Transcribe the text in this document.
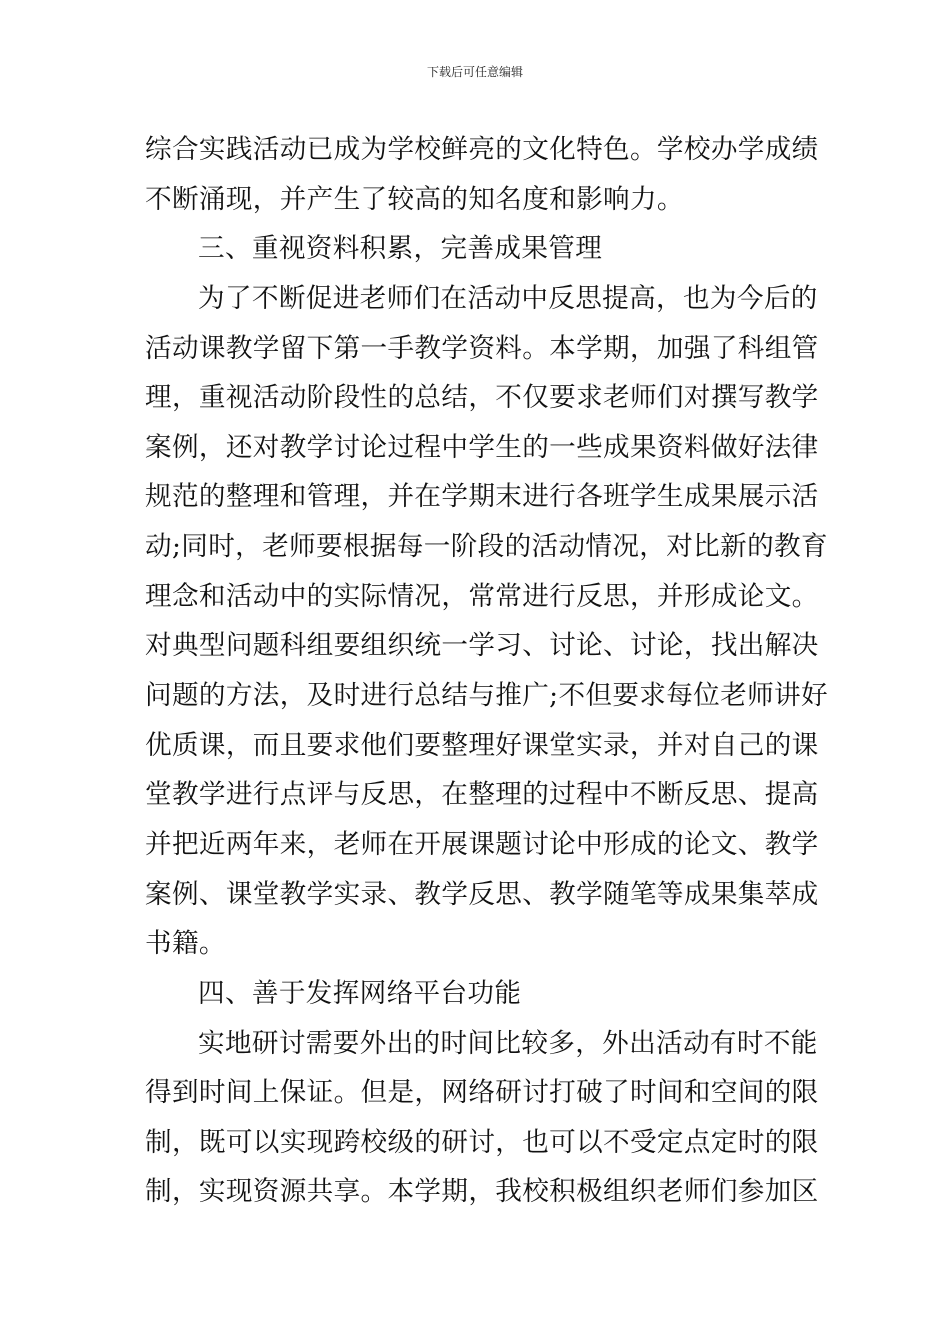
下载后可任意编辑
综合实践活动已成为学校鲜亮的文化特色。学校办学成绩
不断涌现，并产生了较高的知名度和影响力。
三、重视资料积累，完善成果管理
为了不断促进老师们在活动中反思提高，也为今后的
活动课教学留下第一手教学资料。本学期，加强了科组管
理，重视活动阶段性的总结，不仅要求老师们对撰写教学
案例，还对教学讨论过程中学生的一些成果资料做好法律
规范的整理和管理，并在学期末进行各班学生成果展示活
动;同时，老师要根据每一阶段的活动情况，对比新的教育
理念和活动中的实际情况，常常进行反思，并形成论文。
对典型问题科组要组织统一学习、讨论、讨论，找出解决
问题的方法，及时进行总结与推广;不但要求每位老师讲好
优质课，而且要求他们要整理好课堂实录，并对自己的课
堂教学进行点评与反思，在整理的过程中不断反思、提高
并把近两年来，老师在开展课题讨论中形成的论文、教学
案例、课堂教学实录、教学反思、教学随笔等成果集萃成
书籍。
四、善于发挥网络平台功能
实地研讨需要外出的时间比较多，外出活动有时不能
得到时间上保证。但是，网络研讨打破了时间和空间的限
制，既可以实现跨校级的研讨，也可以不受定点定时的限
制，实现资源共享。本学期，我校积极组织老师们参加区
